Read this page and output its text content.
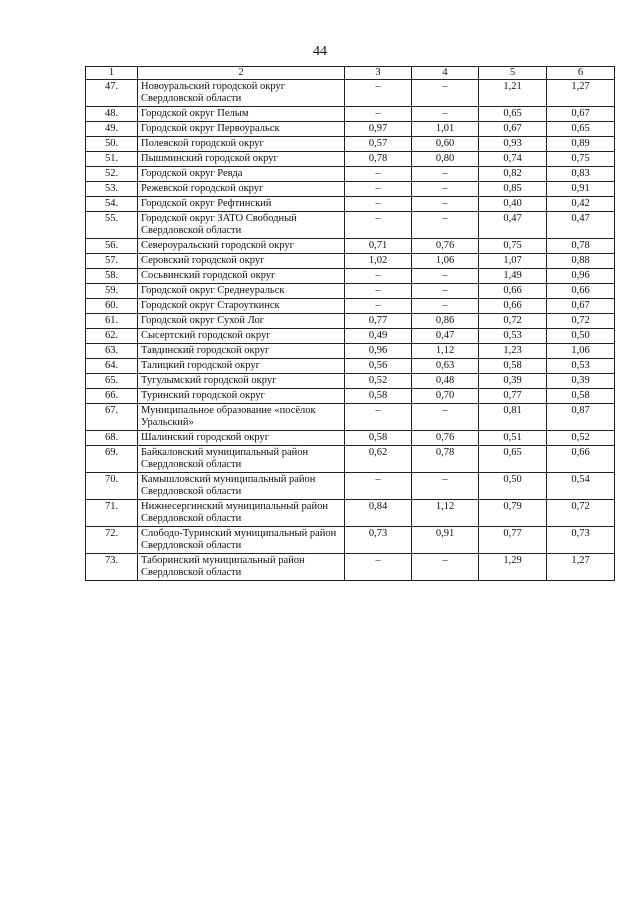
44
1	2	3	4	5	6
47.	Новоуральский городской округ Свердловской области	–	–	1,21	1,27
48.	Городской округ Пелым	–	–	0,65	0,67
49.	Городской округ Первоуральск	0,97	1,01	0,67	0,65
50.	Полевской городской округ	0,57	0,60	0,93	0,89
51.	Пышминский городской округ	0,78	0,80	0,74	0,75
52.	Городской округ Ревда	–	–	0,82	0,83
53.	Режевской городской округ	–	–	0,85	0,91
54.	Городской округ Рефтинский	–	–	0,40	0,42
55.	Городской округ ЗАТО Свободный Свердловской области	–	–	0,47	0,47
56.	Североуральский городской округ	0,71	0,76	0,75	0,78
57.	Серовский городской округ	1,02	1,06	1,07	0,88
58.	Сосьвинский городской округ	–	–	1,49	0,96
59.	Городской округ Среднеуральск	–	–	0,66	0,66
60.	Городской округ Староуткинск	–	–	0,66	0,67
61.	Городской округ Сухой Лог	0,77	0,86	0,72	0,72
62.	Сысертский городской округ	0,49	0,47	0,53	0,50
63.	Тавдинский городской округ	0,96	1,12	1,23	1,06
64.	Талицкий городской округ	0,56	0,63	0,58	0,53
65.	Тугулымский городской округ	0,52	0,48	0,39	0,39
66.	Туринский городской округ	0,58	0,70	0,77	0,58
67.	Муниципальное образование «посёлок Уральский»	–	–	0,81	0,87
68.	Шалинский городской округ	0,58	0,76	0,51	0,52
69.	Байкаловский муниципальный район Свердловской области	0,62	0,78	0,65	0,66
70.	Камышловский муниципальный район Свердловской области	–	–	0,50	0,54
71.	Нижнесергинский муниципальный район Свердловской области	0,84	1,12	0,79	0,72
72.	Слободо-Туринский муниципальный район Свердловской области	0,73	0,91	0,77	0,73
73.	Таборинский муниципальный район Свердловской области	–	–	1,29	1,27
